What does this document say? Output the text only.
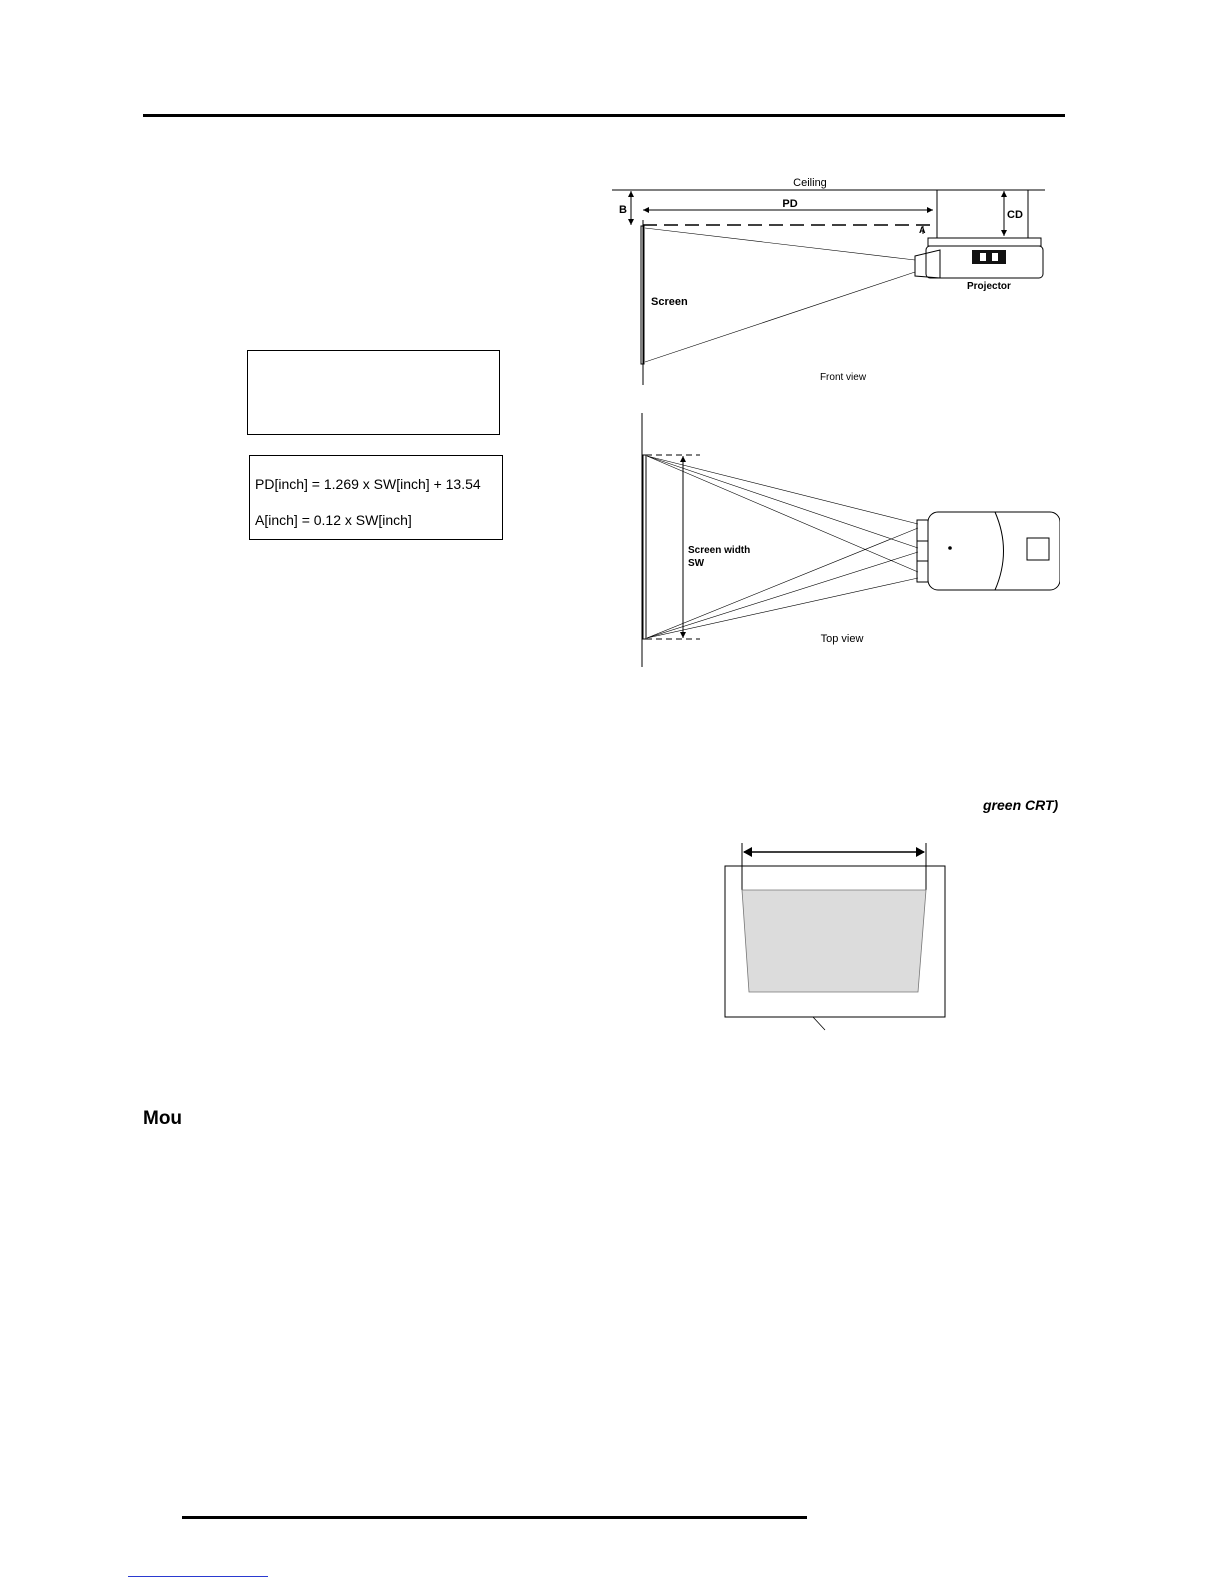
Ceiling
B	PD
Screen
CD
A
Projector
Front view
PD[inch] = 1.269 x SW[inch] + 13.54
A[inch] = 0.12 x SW[inch]
Screen width
SW
Top view
green CRT)
Mou
